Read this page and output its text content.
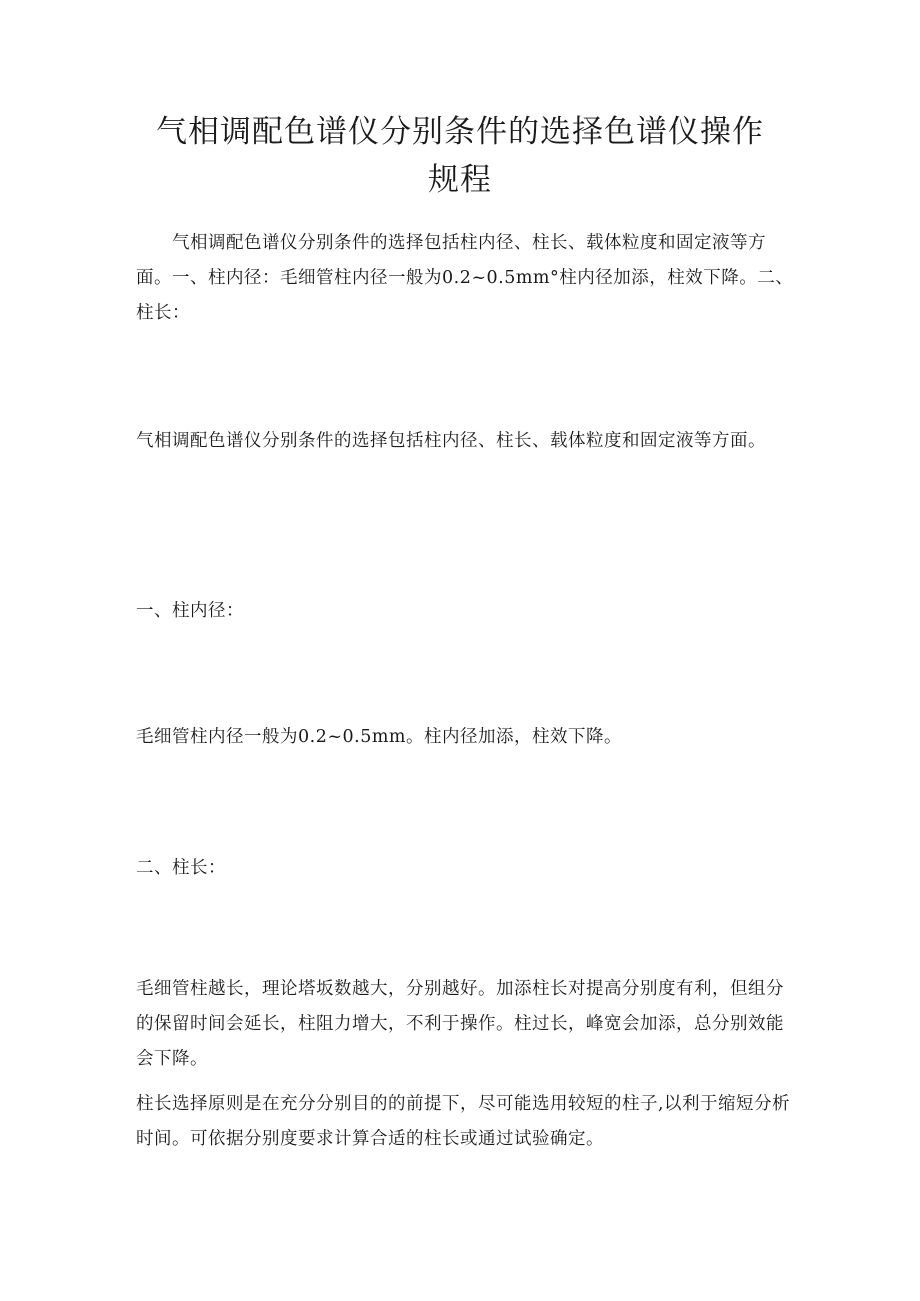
气相调配色谱仪分别条件的选择色谱仪操作
规程

气相调配色谱仪分别条件的选择包括柱内径、柱长、载体粒度和固定液等方面。一、柱内径：毛细管柱内径一般为0.2~0.5mm°柱内径加添，柱效下降。二、柱长：

气相调配色谱仪分别条件的选择包括柱内径、柱长、载体粒度和固定液等方面。

一、柱内径：

毛细管柱内径一般为0.2~0.5mm。柱内径加添，柱效下降。

二、柱长：

毛细管柱越长，理论塔坂数越大，分别越好。加添柱长对提高分别度有利，但组分的保留时间会延长，柱阻力增大，不利于操作。柱过长，峰宽会加添，总分别效能会下降。

柱长选择原则是在充分分别目的的前提下，尽可能选用较短的柱子,以利于缩短分析时间。可依据分别度要求计算合适的柱长或通过试验确定。
